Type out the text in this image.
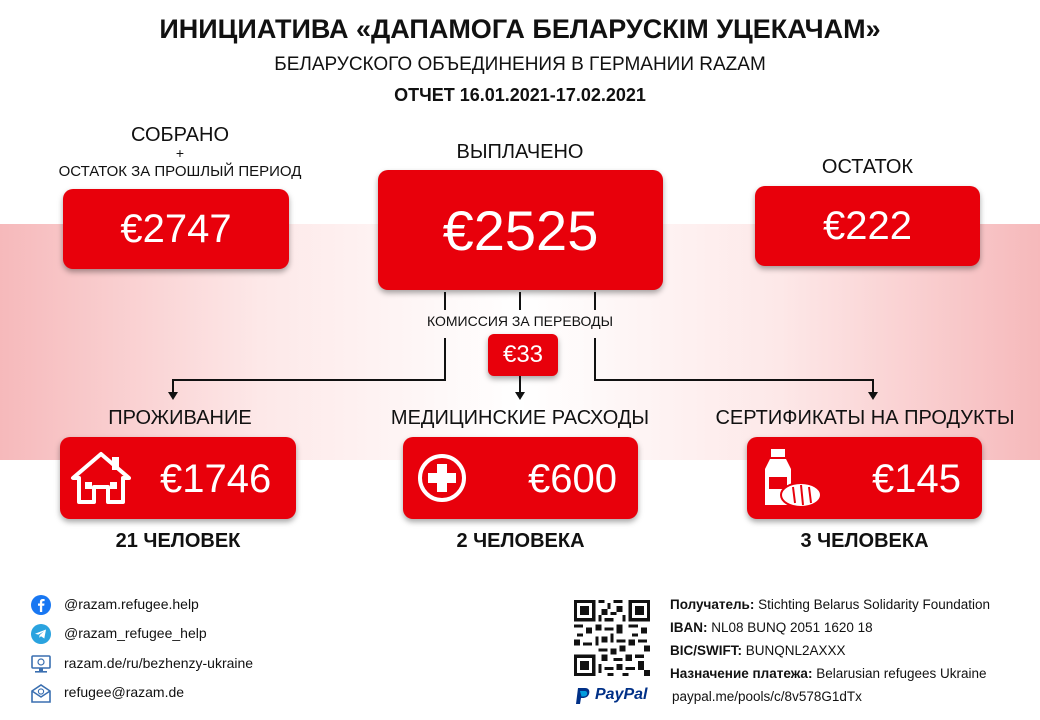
ИНИЦИАТИВА «ДАПАМОГА БЕЛАРУСКІМ УЦЕКАЧАМ»
БЕЛАРУСКОГО ОБЪЕДИНЕНИЯ В ГЕРМАНИИ RAZAM
ОТЧЕТ 16.01.2021-17.02.2021
СОБРАНО
+
ОСТАТОК ЗА ПРОШЛЫЙ ПЕРИОД
€2747
ВЫПЛАЧЕНО
€2525
ОСТАТОК
€222
КОМИССИЯ ЗА ПЕРЕВОДЫ
€33
ПРОЖИВАНИЕ
€1746
21 ЧЕЛОВЕК
МЕДИЦИНСКИЕ РАСХОДЫ
€600
2 ЧЕЛОВЕКА
СЕРТИФИКАТЫ НА ПРОДУКТЫ
€145
3 ЧЕЛОВЕКА
@razam.refugee.help
@razam_refugee_help
razam.de/ru/bezhenzy-ukraine
refugee@razam.de	PayPal
Получатель: Stichting Belarus Solidarity Foundation
IBAN: NL08 BUNQ 2051 1620 18
BIC/SWIFT: BUNQNL2AXXX
Назначение платежа: Belarusian refugees Ukraine
paypal.me/pools/c/8v578G1dTx
